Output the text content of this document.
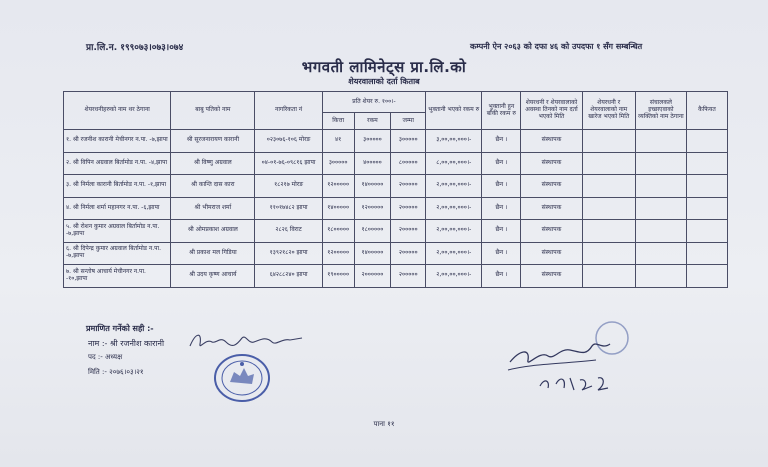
प्रा.लि.न. १९९०७३।०७३।०७४	कम्पनी ऐन २०६३ को दफा ४६ को उपदफा १ सँग सम्बन्धित
भगवती लामिनेट्स प्रा.लि.को
शेयरवालाको दर्ता किताब
शेयरधनीहरुको नाम थर ठेगाना	बाबु पतिको नाम	नागरिकता नं	प्रति शेयर रु. १००।-			भुक्तानी भएको रकम रु	भुक्तानी हुन बाँकी रकम रु	शेयरधनी र शेयरवालाको अवस्था तिनको नाम दर्ता भएको मिति	शेयरधनी र शेयरवालाको नाम खारेज भएको मिति	संचालकले इच्छाएवाको व्यक्तिको नाम ठेगाना	कैफियत
			कित्ता	रकम	जम्मा						
१. श्री रजनीश कारानी मेचीनगर न.पा. -७,झापा	श्री सूरजनारायण कारानी	०२३०७६-१०६ मोरङ	४१	३०००००	३०००००	३,००,००,०००।-	छैन ।	संस्थापक			
२. श्री विपिन अग्रवाल बिर्तामोड न.पा. -४,झापा	श्री विष्णु अग्रवाल	०४-०१-७६-०९८१६ झापा	३०००००	४०००००	८०००००	८,००,००,०००।-	छैन ।	संस्थापक			
३. श्री निर्मला कारानी बिर्तामोड न.पा. -१,झापा	श्री कान्ति दास कारा	१८२१७ मोरङ	१२०००००	१४०००००	२०००००	२,००,००,०००।-	छैन ।	संस्थापक			
४. श्री निर्मला शर्मा महानगर न.पा. -६,झापा	श्री भीमराज शर्मा	११०१७४८२ झापा	१४०००००	१२०००००	२०००००	२,००,००,०००।-	छैन ।	संस्थापक			
५. श्री रोशन कुमार अग्रवाल बिर्तामोड न.पा. -७,झापा	श्री ओमप्रकाश अग्रवाल	२८२६ विराट	१८०००००	१८०००००	२०००००	२,००,००,०००।-	छैन ।	संस्थापक			
६. श्री दिपेन्द्र कुमार अग्रवाल बिर्तामोड न.पा. -७,झापा	श्री प्रकाश मल गिडिया	१३९२१८२० झापा	१२०००००	१४०००००	२०००००	२,००,००,०००।-	छैन ।	संस्थापक			
७. श्री सन्तोष आचार्य मेचीनगर न.पा. -१०,झापा	श्री उदय कृष्ण आचार्य	६४२८८२४० झापा	१९०००००	२००००००	२०००००	२,००,००,०००।-	छैन ।	संस्थापक			
प्रमाणित गर्नेको सही :-
नाम :- श्री रजनीश कारानी
पद :- अध्यक्ष
मिति :- २०७६।०३।२१
पाना ११
